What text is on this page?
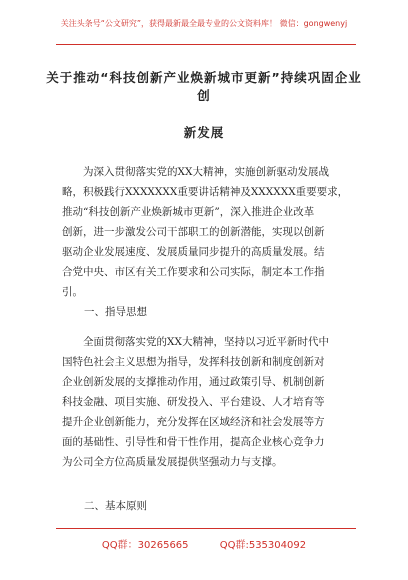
关注头条号“公文研究”，获得最新最全最专业的公文资料库！ 微信：gongwenyj
关于推动“科技创新产业焕新城市更新”持续巩固企业创
新发展
为深入贯彻落实党的XX大精神，实施创新驱动发展战
略，积极践行XXXXXXX重要讲话精神及XXXXXX重要要求，
推动“科技创新产业焕新城市更新”，深入推进企业改革
创新，进一步激发公司干部职工的创新潜能，实现以创新
驱动企业发展速度、发展质量同步提升的高质量发展。结
合党中央、市区有关工作要求和公司实际，制定本工作指
引。
一、指导思想
全面贯彻落实党的XX大精神，坚持以习近平新时代中
国特色社会主义思想为指导，发挥科技创新和制度创新对
企业创新发展的支撑推动作用，通过政策引导、机制创新
科技金融、项目实施、研发投入、平台建设、人才培育等
提升企业创新能力，充分发挥在区域经济和社会发展等方
面的基础性、引导性和骨干性作用，提高企业核心竞争力
为公司全方位高质量发展提供坚强动力与支撑。
二、基本原则
QQ群：30265665	QQ群:535304092
